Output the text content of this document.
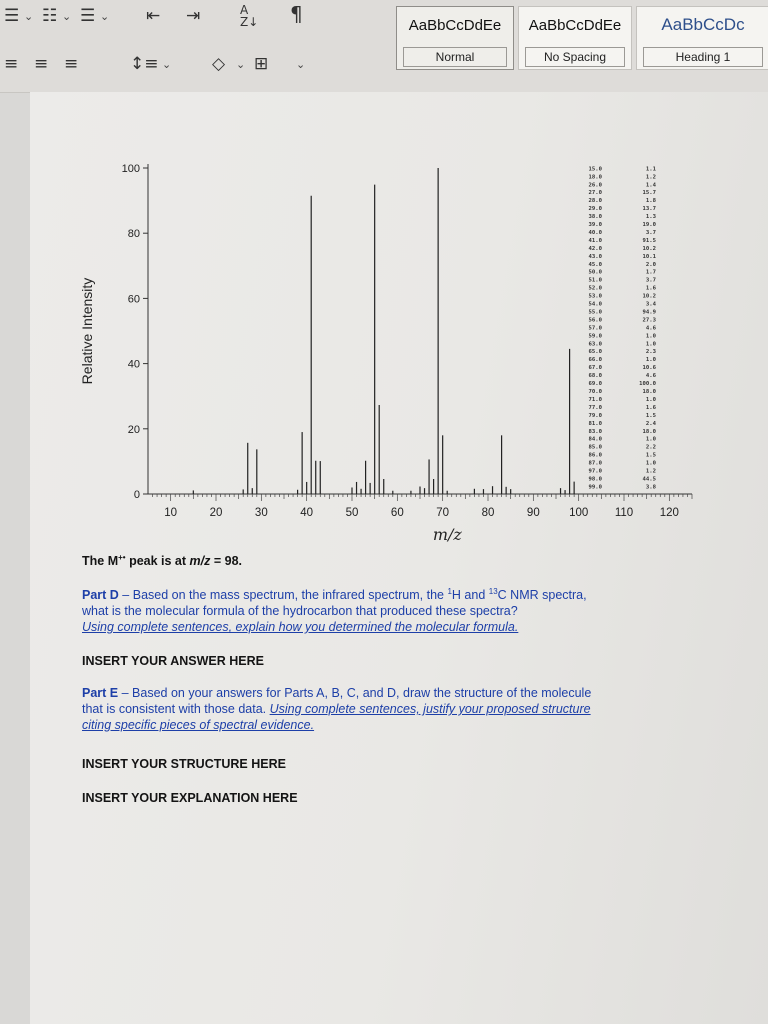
☰ ⌄ ☷ ⌄ ☰ ⌄ ⇤ ⇥	A Z↓ ¶
≡ ≡ ≡	↕≡ ⌄ ◇ ⌄ ⊞	⌄
AaBbCcDdEe
Normal
AaBbCcDdEe
No Spacing
AaBbCcDc
Heading 1
0
20
40
60
80
100
10	20	30	40	50	60	70	80	90	100 110 120
15.0	1.1
18.0	1.2
26.0	1.4
27.0	15.7
28.0	1.8
29.0	13.7
38.0	1.3
39.0	19.0
40.0	3.7
41.0	91.5
42.0	10.2
43.0	10.1
45.0	2.0
50.0	1.7
51.0	3.7
52.0	1.6
53.0	10.2
54.0	3.4
55.0	94.9
56.0	27.3
57.0	4.6
59.0	1.0
63.0	1.0
65.0	2.3
66.0	1.0
67.0	10.6
68.0	4.6
69.0	100.0
70.0	18.0
71.0	1.0
77.0	1.6
79.0	1.5
81.0	2.4
83.0	18.0
84.0	1.0
85.0	2.2
86.0	1.5
87.0	1.0
97.0	1.2
98.0	44.5
99.0	3.8
Relative Intensity
m/z
The M+• peak is at m/z = 98.
Part D – Based on the mass spectrum, the infrared spectrum, the $^1$H and $^{13}$C NMR spectra,
what is the molecular formula of the hydrocarbon that produced these spectra?
Using complete sentences, explain how you determined the molecular formula.
INSERT YOUR ANSWER HERE
Part E – Based on your answers for Parts A, B, C, and D, draw the structure of the molecule
that is consistent with those data. Using complete sentences, justify your proposed structure
citing specific pieces of spectral evidence.
INSERT YOUR STRUCTURE HERE
INSERT YOUR EXPLANATION HERE
